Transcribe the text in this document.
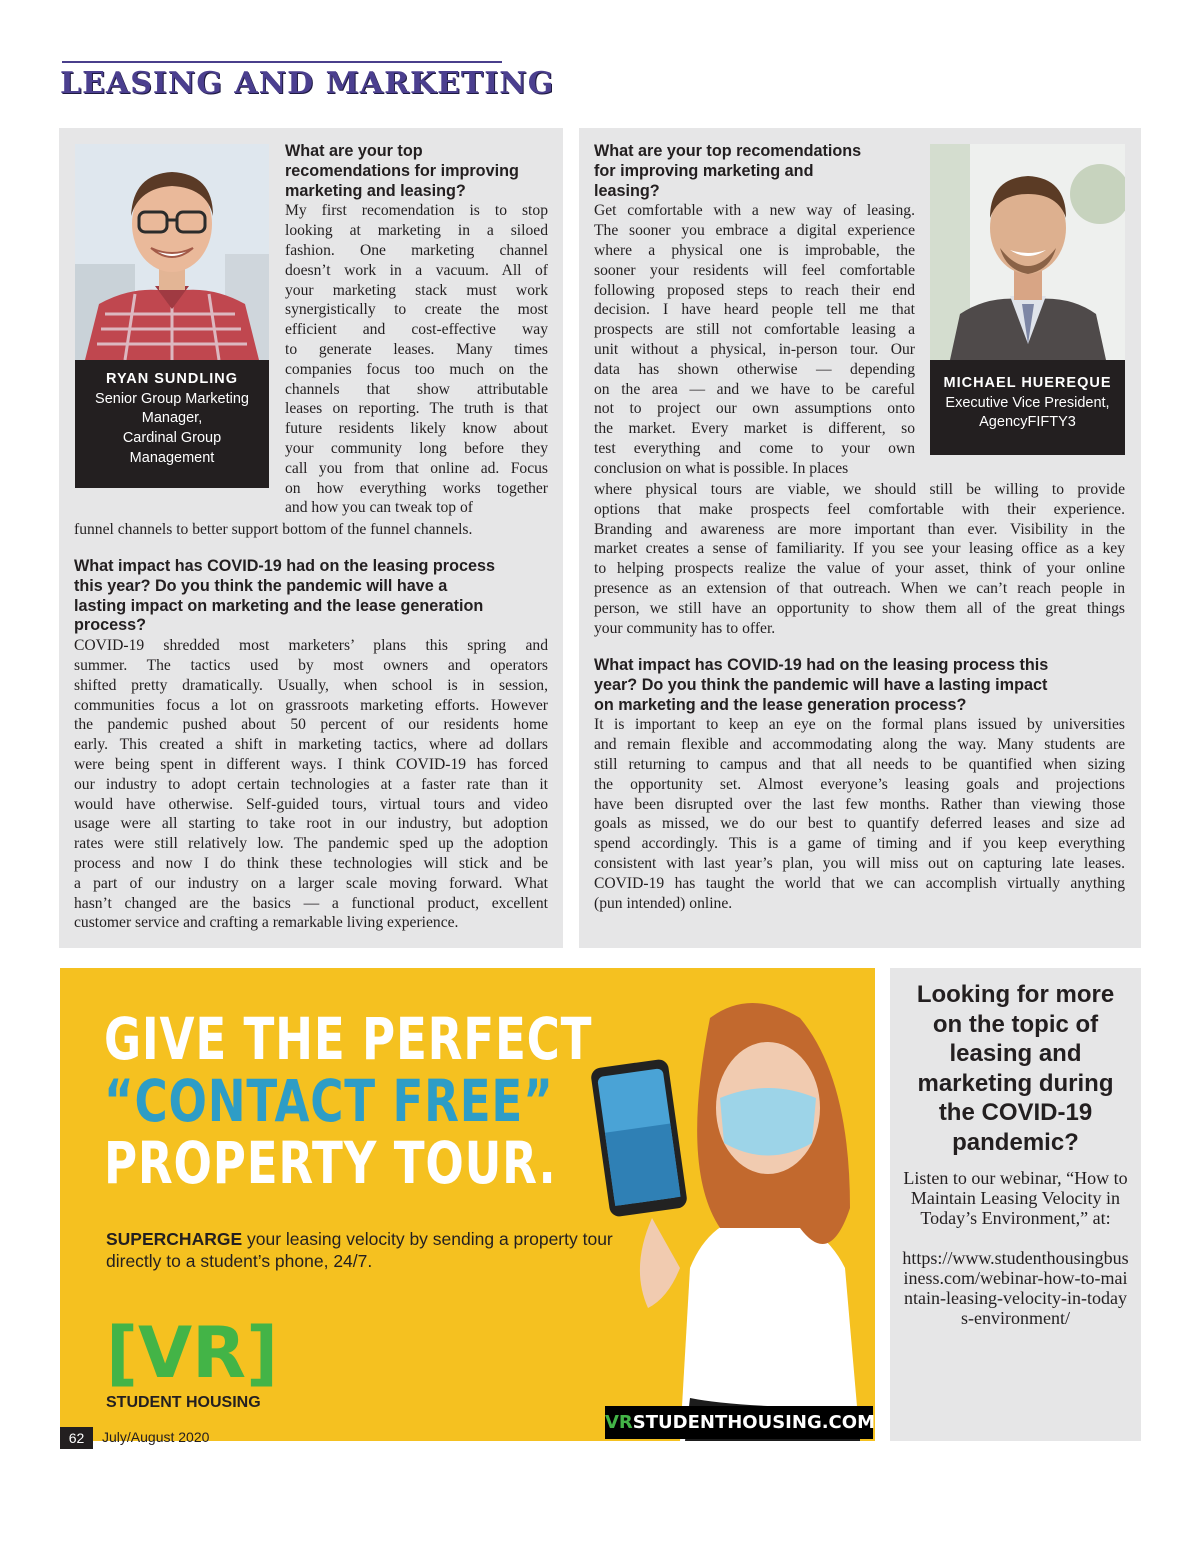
LEASING AND MARKETING
RYAN SUNDLING
Senior Group Marketing
Manager,
Cardinal Group
Management
What are your top
recomendations for improving
marketing and leasing?
My first recomendation is to stop
looking at marketing in a siloed
fashion. One marketing channel
doesn’t work in a vacuum. All of
your marketing stack must work
synergistically to create the most
efficient and cost-effective way
to generate leases. Many times
companies focus too much on the
channels that show attributable
leases on reporting. The truth is that
future residents likely know about
your community long before they
call you from that online ad. Focus
on how everything works together
and how you can tweak top of
funnel channels to better support bottom of the funnel channels.
What impact has COVID-19 had on the leasing process
this year? Do you think the pandemic will have a
lasting impact on marketing and the lease generation
process?
COVID-19 shredded most marketers’ plans this spring and
summer. The tactics used by most owners and operators
shifted pretty dramatically. Usually, when school is in session,
communities focus a lot on grassroots marketing efforts. However
the pandemic pushed about 50 percent of our residents home
early. This created a shift in marketing tactics, where ad dollars
were being spent in different ways. I think COVID-19 has forced
our industry to adopt certain technologies at a faster rate than it
would have otherwise. Self-guided tours, virtual tours and video
usage were all starting to take root in our industry, but adoption
rates were still relatively low. The pandemic sped up the adoption
process and now I do think these technologies will stick and be
a part of our industry on a larger scale moving forward. What
hasn’t changed are the basics — a functional product, excellent
customer service and crafting a remarkable living experience.
MICHAEL HUEREQUE
Executive Vice President,
AgencyFIFTY3
What are your top recomendations
for improving marketing and
leasing?
Get comfortable with a new way of leasing.
The sooner you embrace a digital experience
where a physical one is improbable, the
sooner your residents will feel comfortable
following proposed steps to reach their end
decision. I have heard people tell me that
prospects are still not comfortable leasing a
unit without a physical, in-person tour. Our
data has shown otherwise — depending
on the area — and we have to be careful
not to project our own assumptions onto
the market. Every market is different, so
test everything and come to your own
conclusion on what is possible. In places
where physical tours are viable, we should still be willing to provide
options that make prospects feel comfortable with their experience.
Branding and awareness are more important than ever. Visibility in the
market creates a sense of familiarity. If you see your leasing office as a key
to helping prospects realize the value of your asset, think of your online
presence as an extension of that outreach. When we can’t reach people in
person, we still have an opportunity to show them all of the great things
your community has to offer.
What impact has COVID-19 had on the leasing process this
year? Do you think the pandemic will have a lasting impact
on marketing and the lease generation process?
It is important to keep an eye on the formal plans issued by universities
and remain flexible and accommodating along the way. Many students are
still returning to campus and that all needs to be quantified when sizing
the opportunity set. Almost everyone’s leasing goals and projections
have been disrupted over the last few months. Rather than viewing those
goals as missed, we do our best to quantify deferred leases and size ad
spend accordingly. This is a game of timing and if you keep everything
consistent with last year’s plan, you will miss out on capturing late leases.
COVID-19 has taught the world that we can accomplish virtually anything
(pun intended) online.
GIVE THE PERFECT
“CONTACT FREE”
PROPERTY TOUR.
SUPERCHARGE your leasing velocity by sending a property tour directly to a student’s phone, 24/7.
[VR]
STUDENT HOUSING
VRSTUDENTHOUSING.COM
Looking for more on the topic of leasing and marketing during the COVID-19 pandemic?
Listen to our webinar, “How to Maintain Leasing Velocity in Today’s Environment,” at:
https://www.studenthousingbusiness.com/webinar-how-to-maintain-leasing-velocity-in-todays-environment/
62	July/August 2020
